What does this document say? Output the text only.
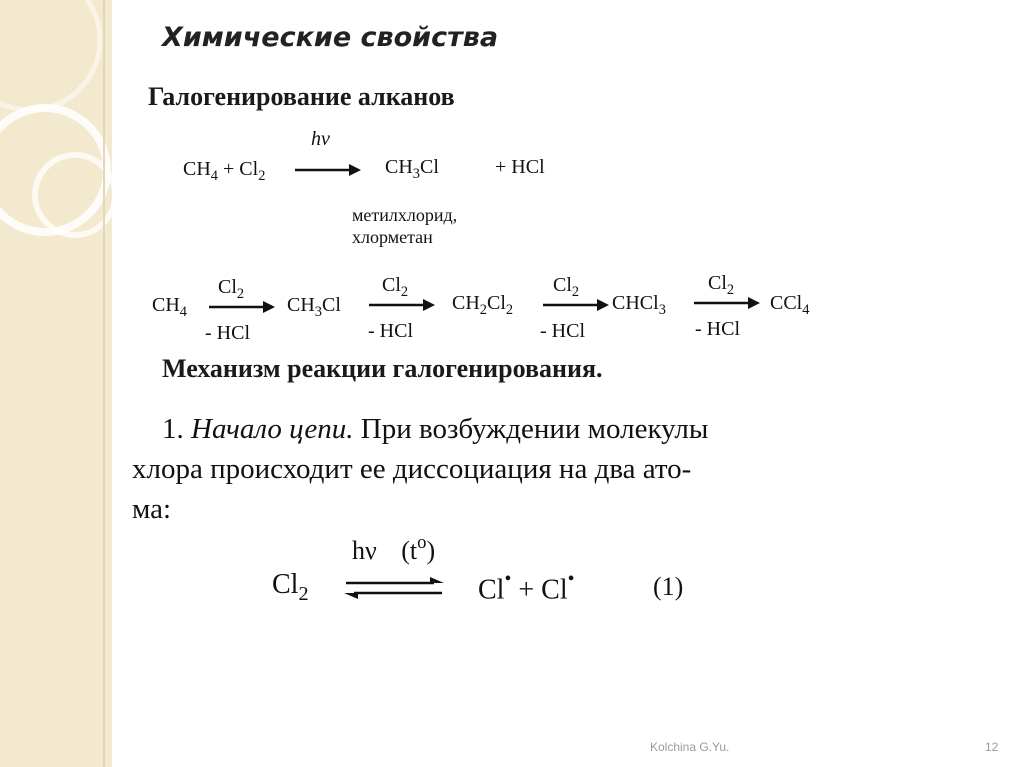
Химические свойства
Галогенирование алканов
$CH_4 + Cl_2$
hν
$CH_3Cl$	+ HCl
метилхлорид,
хлорметан
$CH_4$
$Cl_2$
- HCl
$CH_3Cl$
$Cl_2$
- HCl
$CH_2Cl_2$
$Cl_2$
- HCl
CHCl$_3$
$Cl_2$
- HCl
CCl$_4$
Механизм реакции галогенирования.
1. Начало цепи. При возбуждении молекулы
хлора происходит ее диссоциация на два ато-
ма:
hν $(t^o)$
$Cl_2$	Cl• + Cl•	(1)
Kolchina G.Yu.	12
